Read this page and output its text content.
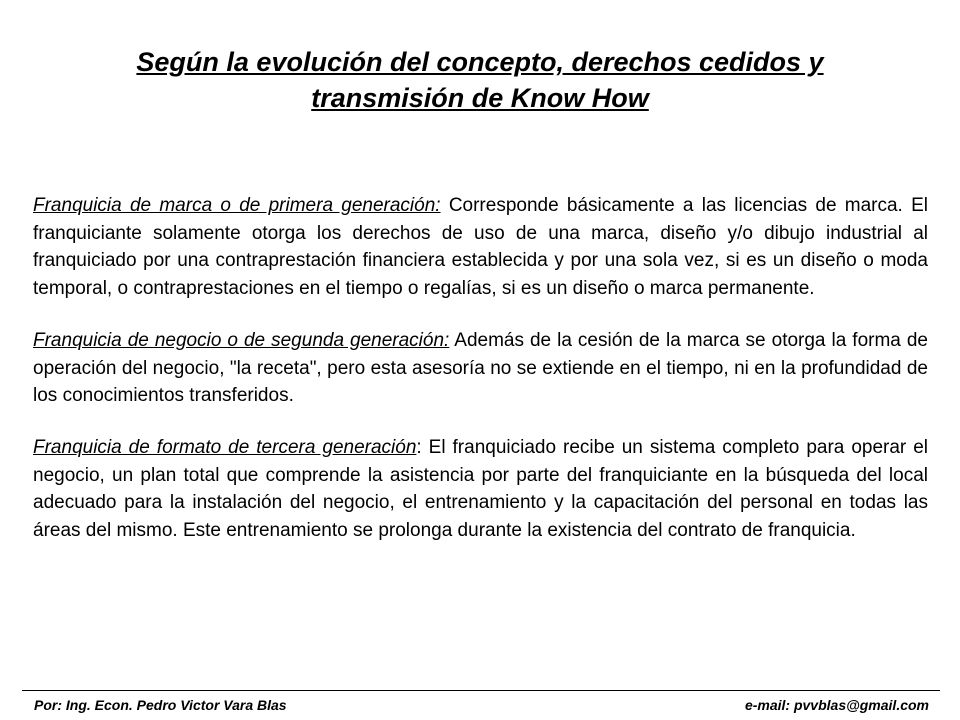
Según la evolución del concepto, derechos cedidos y transmisión de Know How

Franquicia de marca o de primera generación: Corresponde básicamente a las licencias de marca. El franquiciante solamente otorga los derechos de uso de una marca, diseño y/o dibujo industrial al franquiciado por una contraprestación financiera establecida y por una sola vez, si es un diseño o moda temporal, o contraprestaciones en el tiempo o regalías, si es un diseño o marca permanente.

Franquicia de negocio o de segunda generación: Además de la cesión de la marca se otorga la forma de operación del negocio, "la receta", pero esta asesoría no se extiende en el tiempo, ni en la profundidad de los conocimientos transferidos.

Franquicia de formato de tercera generación: El franquiciado recibe un sistema completo para operar el negocio, un plan total que comprende la asistencia por parte del franquiciante en la búsqueda del local adecuado para la instalación del negocio, el entrenamiento y la capacitación del personal en todas las áreas del mismo. Este entrenamiento se prolonga durante la existencia del contrato de franquicia.

Por: Ing. Econ. Pedro Victor Vara Blas	e-mail: pvvblas@gmail.com
